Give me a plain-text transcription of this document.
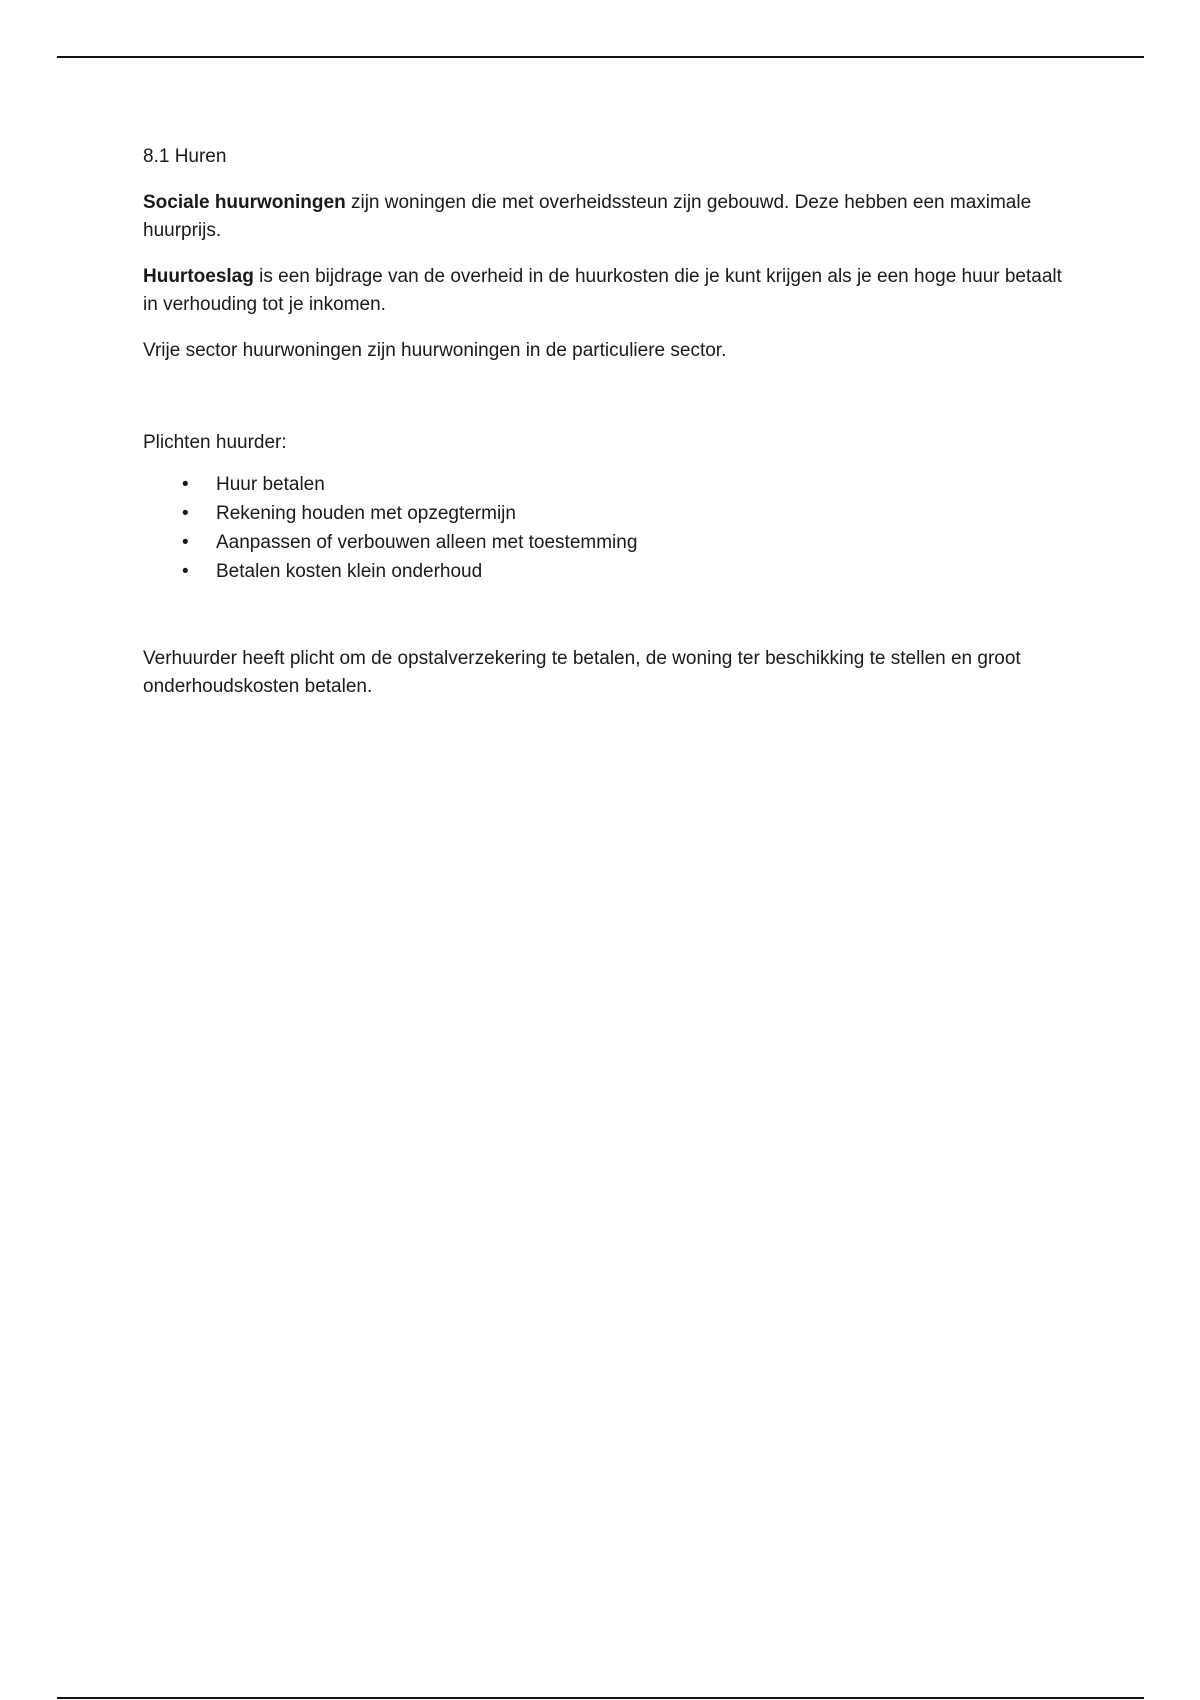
8.1 Huren

Sociale huurwoningen zijn woningen die met overheidssteun zijn gebouwd. Deze hebben een maximale huurprijs.

Huurtoeslag is een bijdrage van de overheid in de huurkosten die je kunt krijgen als je een hoge huur betaalt in verhouding tot je inkomen.

Vrije sector huurwoningen zijn huurwoningen in de particuliere sector.

Plichten huurder:

• Huur betalen
• Rekening houden met opzegtermijn
• Aanpassen of verbouwen alleen met toestemming
• Betalen kosten klein onderhoud

Verhuurder heeft plicht om de opstalverzekering te betalen, de woning ter beschikking te stellen en groot onderhoudskosten betalen.
